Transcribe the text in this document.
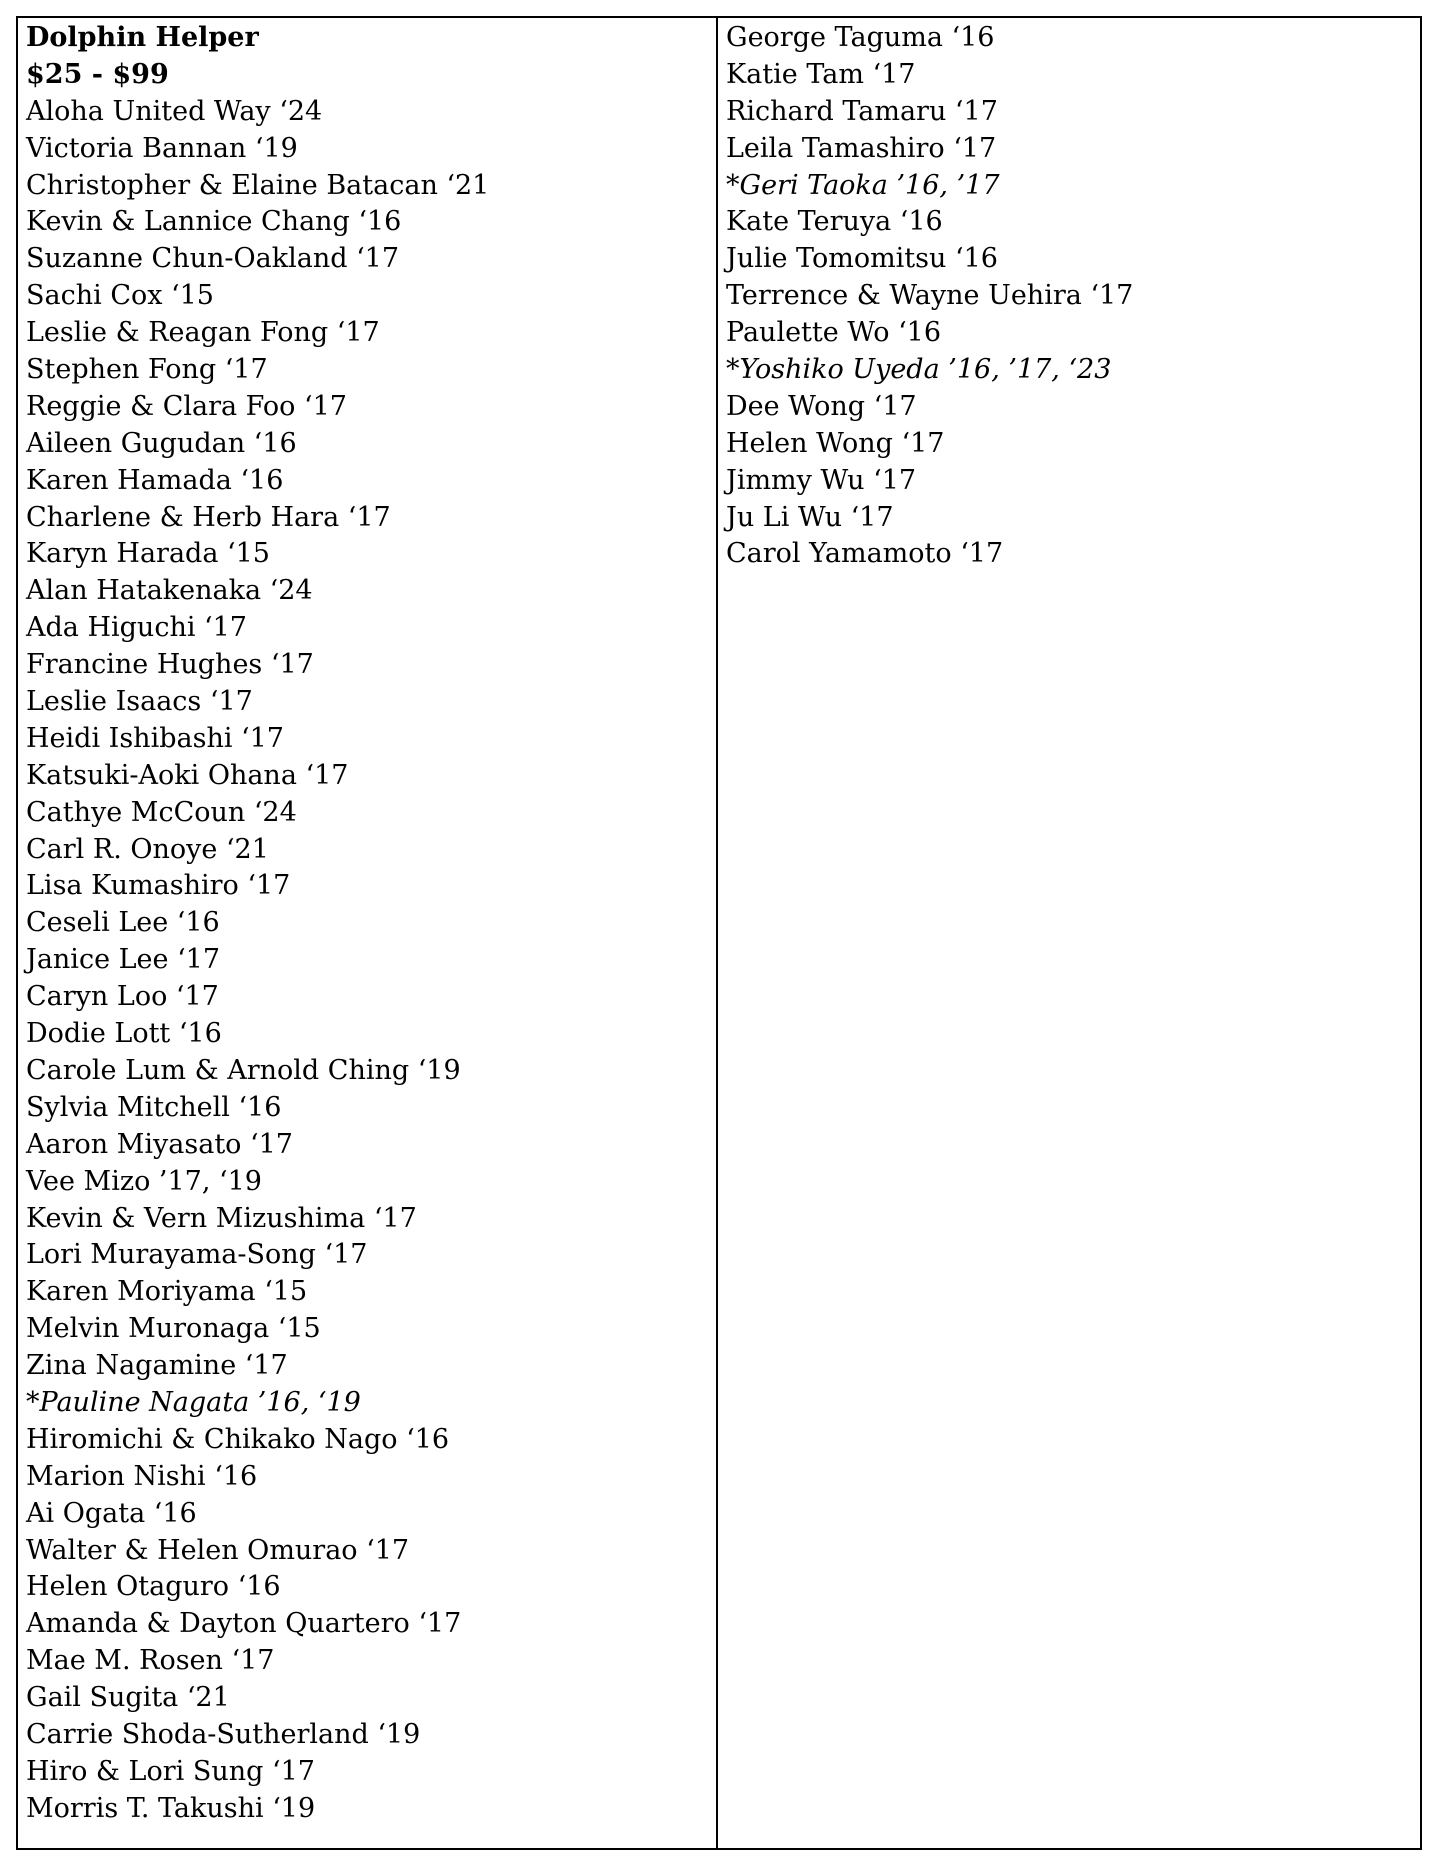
Dolphin Helper
$25 - $99
Aloha United Way ‘24
Victoria Bannan ‘19
Christopher & Elaine Batacan ‘21
Kevin & Lannice Chang ‘16
Suzanne Chun-Oakland ‘17
Sachi Cox ‘15
Leslie & Reagan Fong ‘17
Stephen Fong ‘17
Reggie & Clara Foo ‘17
Aileen Gugudan ‘16
Karen Hamada ‘16
Charlene & Herb Hara ‘17
Karyn Harada ‘15
Alan Hatakenaka ‘24
Ada Higuchi ‘17
Francine Hughes ‘17
Leslie Isaacs ‘17
Heidi Ishibashi ‘17
Katsuki-Aoki Ohana ‘17
Cathye McCoun ‘24
Carl R. Onoye ‘21
Lisa Kumashiro ‘17
Ceseli Lee ‘16
Janice Lee ‘17
Caryn Loo ‘17
Dodie Lott ‘16
Carole Lum & Arnold Ching ‘19
Sylvia Mitchell ‘16
Aaron Miyasato ‘17
Vee Mizo ’17, ‘19
Kevin & Vern Mizushima ‘17
Lori Murayama-Song ‘17
Karen Moriyama ‘15
Melvin Muronaga ‘15
Zina Nagamine ‘17
*Pauline Nagata ’16, ‘19
Hiromichi & Chikako Nago ‘16
Marion Nishi ‘16
Ai Ogata ‘16
Walter & Helen Omurao ‘17
Helen Otaguro ‘16
Amanda & Dayton Quartero ‘17
Mae M. Rosen ‘17
Gail Sugita ‘21
Carrie Shoda-Sutherland ‘19
Hiro & Lori Sung ‘17
Morris T. Takushi ‘19
George Taguma ‘16
Katie Tam ‘17
Richard Tamaru ‘17
Leila Tamashiro ‘17
*Geri Taoka ’16, ’17
Kate Teruya ‘16
Julie Tomomitsu ‘16
Terrence & Wayne Uehira ‘17
Paulette Wo ‘16
*Yoshiko Uyeda ’16, ’17, ‘23
Dee Wong ‘17
Helen Wong ‘17
Jimmy Wu ‘17
Ju Li Wu ‘17
Carol Yamamoto ‘17
